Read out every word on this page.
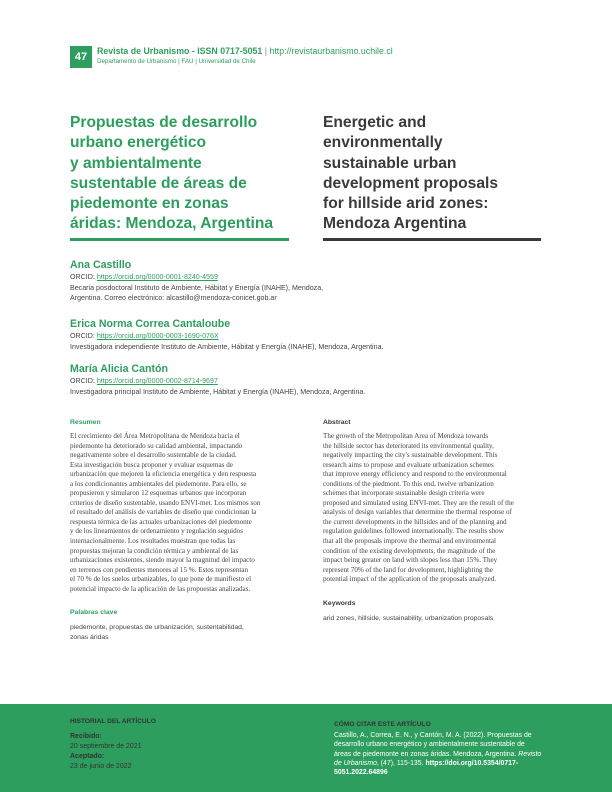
47	Revista de Urbanismo - ISSN 0717-5051 | http://revistaurbanismo.uchile.cl
Departamento de Urbanismo | FAU | Universidad de Chile
Propuestas de desarrollo
urbano energético
y ambientalmente
sustentable de áreas de
piedemonte en zonas
áridas: Mendoza, Argentina
Energetic and
environmentally
sustainable urban
development proposals
for hillside arid zones:
Mendoza Argentina
Ana Castillo
ORCID: https://orcid.org/0000-0001-8240-4559
Becaria posdoctoral Instituto de Ambiente, Hábitat y Energía (INAHE), Mendoza,
Argentina. Correo electrónico: alcastillo@mendoza-conicet.gob.ar
Erica Norma Correa Cantaloube
ORCID: https://orcid.org/0000-0003-1690-076X
Investigadora independiente Instituto de Ambiente, Hábitat y Energía (INAHE), Mendoza, Argentina.
María Alicia Cantón
ORCID: https://orcid.org/0000-0002-8714-9697
Investigadora principal Instituto de Ambiente, Hábitat y Energía (INAHE), Mendoza, Argentina.
Resumen
El crecimiento del Área Metropolitana de Mendoza hacia el
piedemonte ha deteriorado su calidad ambiental, impactando
negativamente sobre el desarrollo sustentable de la ciudad.
Esta investigación busca proponer y evaluar esquemas de
urbanización que mejoren la eficiencia energética y den respuesta
a los condicionantes ambientales del piedemonte. Para ello, se
propusieron y simularon 12 esquemas urbanos que incorporan
criterios de diseño sustentable, usando ENVI-met. Los mismos son
el resultado del análisis de variables de diseño que condicionan la
respuesta térmica de las actuales urbanizaciones del piedemonte
y de los lineamientos de ordenamiento y regulación seguidos
internacionalmente. Los resultados muestran que todas las
propuestas mejoran la condición térmica y ambiental de las
urbanizaciones existentes, siendo mayor la magnitud del impacto
en terrenos con pendientes menores al 15 %. Estos representan
el 70 % de los suelos urbanizables, lo que pone de manifiesto el
potencial impacto de la aplicación de las propuestas analizadas.
Palabras clave
piedemonte, propuestas de urbanización, sustentabilidad,
zonas áridas
Abstract
The growth of the Metropolitan Area of Mendoza towards
the hillside sector has deteriorated its environmental quality,
negatively impacting the city's sustainable development. This
research aims to propose and evaluate urbanization schemes
that improve energy efficiency and respond to the environmental
conditions of the piedmont. To this end, twelve urbanization
schemes that incorporate sustainable design criteria were
proposed and simulated using ENVI-met. They are the result of the
analysis of design variables that determine the thermal response of
the current developments in the hillsides and of the planning and
regulation guidelines followed internationally. The results show
that all the proposals improve the thermal and environmental
condition of the existing developments, the magnitude of the
impact being greater on land with slopes less than 15%. They
represent 70% of the land for development, highlighting the
potential impact of the application of the proposals analyzed.
Keywords
arid zones, hillside, sustainability, urbanization proposals
HISTORIAL DEL ARTÍCULO
Recibido:
20 septiembre de 2021
Aceptado:
23 de junio de 2022
CÓMO CITAR ESTE ARTÍCULO
Castillo, A., Correa, E. N., y Cantón, M. A. (2022). Propuestas de
desarrollo urbano energético y ambientalmente sustentable de
áreas de piedemonte en zonas áridas. Mendoza, Argentina. Revisto
de Urbanismo, (47), 115-135. https://doi.org/10.5354/0717-
5051.2022.64896
